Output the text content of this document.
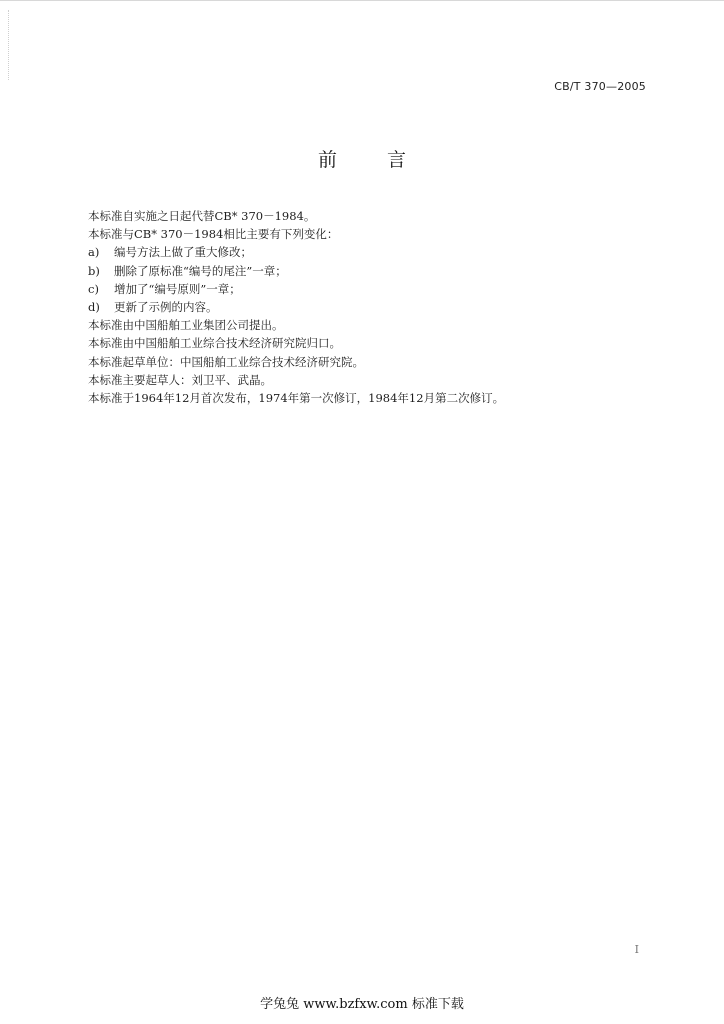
CB/T 370—2005
前 言
本标准自实施之日起代替CB* 370－1984。
本标准与CB* 370－1984相比主要有下列变化：
a) 编号方法上做了重大修改；
b) 删除了原标准“编号的尾注”一章；
c) 增加了“编号原则”一章；
d) 更新了示例的内容。
本标准由中国船舶工业集团公司提出。
本标准由中国船舶工业综合技术经济研究院归口。
本标准起草单位：中国船舶工业综合技术经济研究院。
本标准主要起草人：刘卫平、武晶。
本标准于1964年12月首次发布，1974年第一次修订，1984年12月第二次修订。
I
学兔兔 www.bzfxw.com 标准下载
